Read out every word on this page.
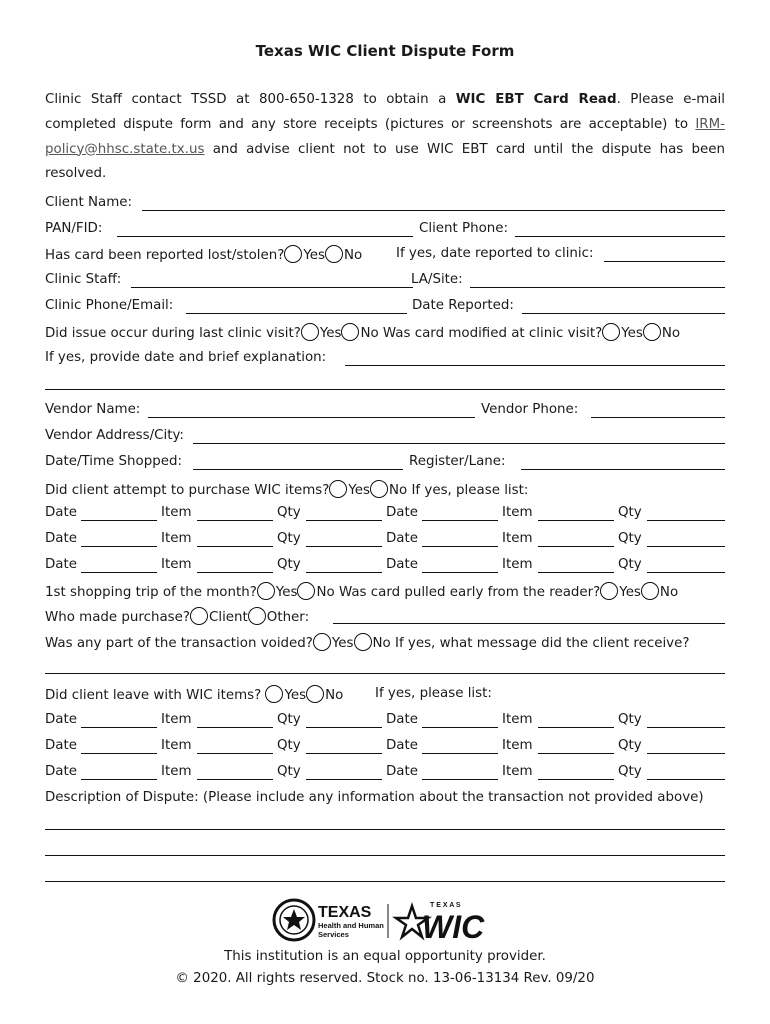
Texas WIC Client Dispute Form
Clinic Staff contact TSSD at 800-650-1328 to obtain a WIC EBT Card Read. Please e-mail completed dispute form and any store receipts (pictures or screenshots are acceptable) to IRM-policy@hhsc.state.tx.us and advise client not to use WIC EBT card until the dispute has been resolved.
Client Name:
PAN/FID:	Client Phone:
Has card been reported lost/stolen? Yes No	If yes, date reported to clinic:
Clinic Staff:	LA/Site:
Clinic Phone/Email:	Date Reported:
Did issue occur during last clinic visit? Yes No Was card modified at clinic visit? Yes No
If yes, provide date and brief explanation:
Vendor Name:	Vendor Phone:
Vendor Address/City:
Date/Time Shopped:	Register/Lane:
Did client attempt to purchase WIC items? Yes No If yes, please list:
Date	Item	Qty	Date	Item	Qty
Date	Item	Qty	Date	Item	Qty
Date	Item	Qty	Date	Item	Qty
1st shopping trip of the month? Yes No Was card pulled early from the reader? Yes No
Who made purchase? Client Other:
Was any part of the transaction voided? Yes No If yes, what message did the client receive?
Did client leave with WIC items? Yes No If yes, please list:
Date	Item	Qty	Date	Item	Qty
Date	Item	Qty	Date	Item	Qty
Date	Item	Qty	Date	Item	Qty
Description of Dispute: (Please include any information about the transaction not provided above)
TEXAS
Health and Human
Services
T E X A S
WIC
This institution is an equal opportunity provider.
© 2020. All rights reserved. Stock no. 13-06-13134 Rev. 09/20
